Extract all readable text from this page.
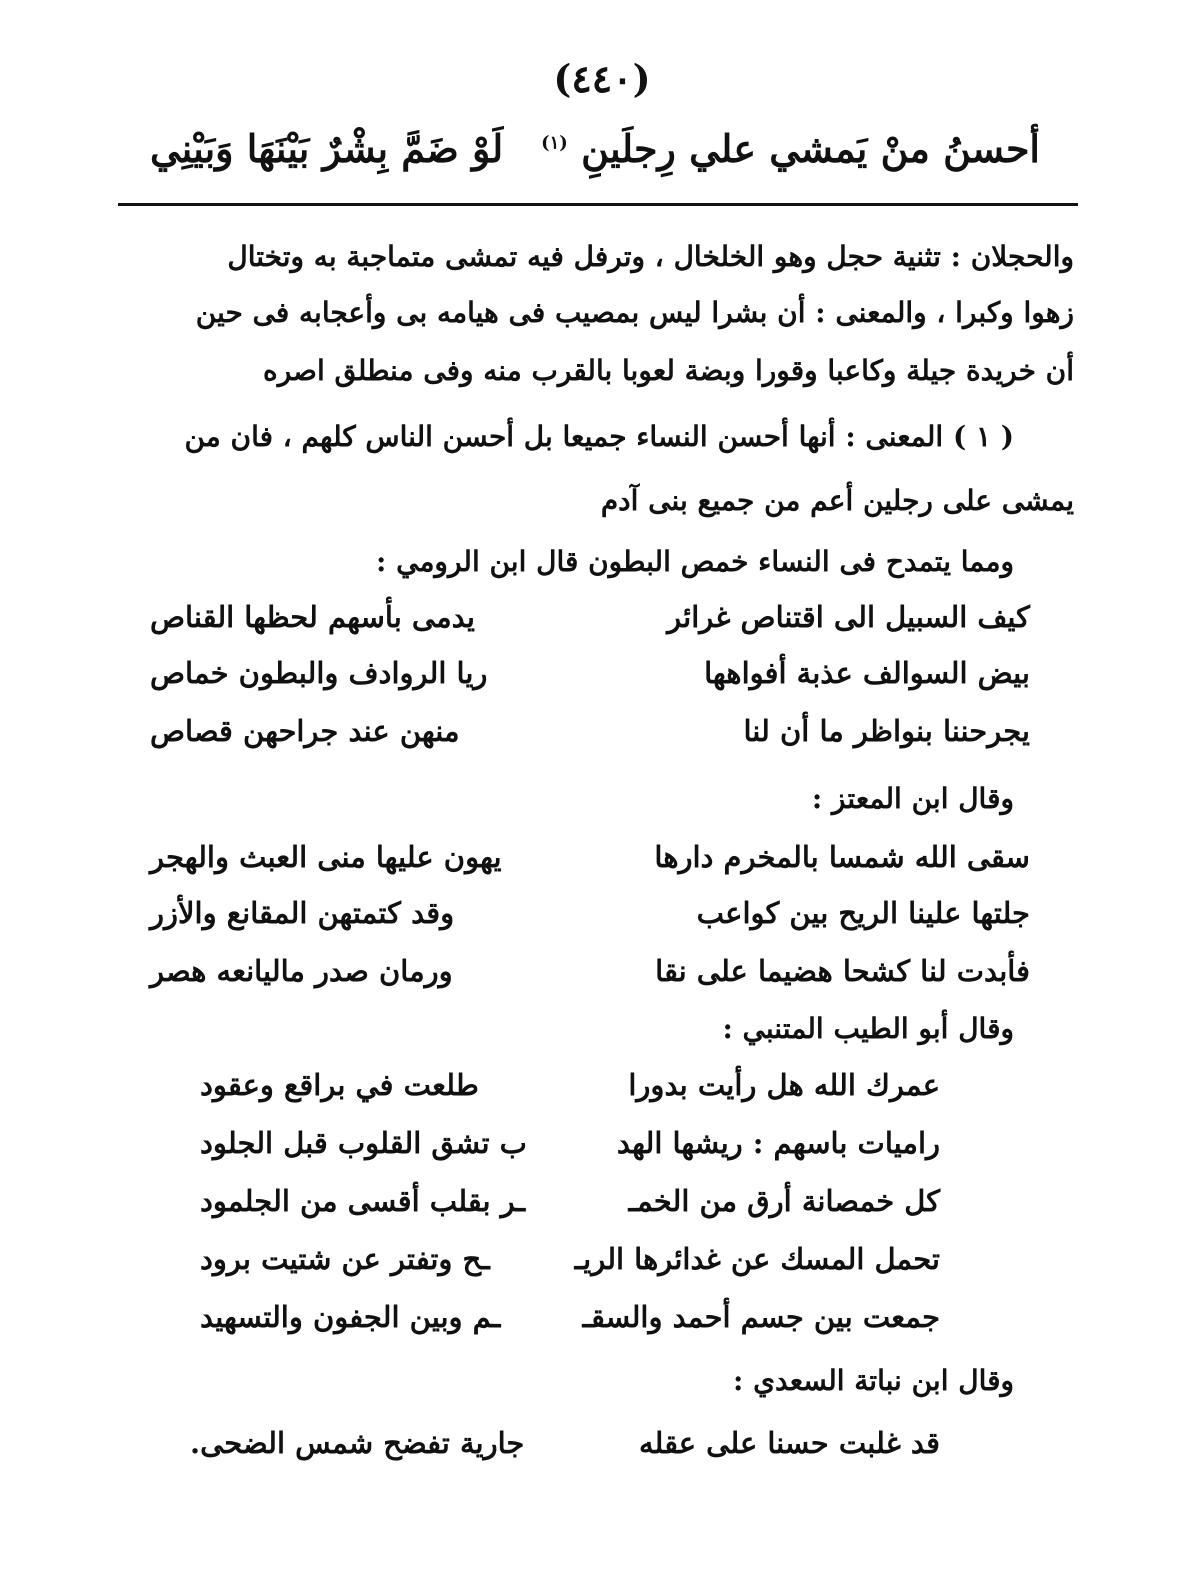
(٤٤٠)
أحسنُ منْ يَمشي علي رِجلَينِ $^{(١)}$
لَوْ ضَمَّ بِشْرٌ بَيْنَهَا وَبَيْنِي
والحجلان : تثنية حجل وهو الخلخال ، وترفل فيه تمشى متماجبة به وتختال
زهوا وكبرا ، والمعنى : أن بشرا ليس بمصيب فى هيامه بى وأعجابه فى حين
أن خريدة جيلة وكاعبا وقورا وبضة لعوبا بالقرب منه وفى منطلق اصره
( ١ ) المعنى : أنها أحسن النساء جميعا بل أحسن الناس كلهم ، فان من
يمشى على رجلين أعم من جميع بنى آدم
ومما يتمدح فى النساء خمص البطون قال ابن الرومي :
كيف السبيل الى اقتناص غرائر
يدمى بأسهم لحظها القناص
بيض السوالف عذبة أفواهها
ريا الروادف والبطون خماص
يجرحننا بنواظر ما أن لنا
منهن عند جراحهن قصاص
وقال ابن المعتز :
سقى الله شمسا بالمخرم دارها
يهون عليها منى العبث والهجر
جلتها علينا الريح بين كواعب
وقد كتمتهن المقانع والأزر
فأبدت لنا كشحا هضيما على نقا
ورمان صدر ماليانعه هصر
وقال أبو الطيب المتنبي :
عمرك الله هل رأيت بدورا
طلعت في براقع وعقود
راميات باسهم : ريشها الهد
ب تشق القلوب قبل الجلود
كل خمصانة أرق من الخمـ
ـر بقلب أقسى من الجلمود
تحمل المسك عن غدائرها الريـ
ـح وتفتر عن شتيت برود
جمعت بين جسم أحمد والسقـ
ـم وبين الجفون والتسهيد
وقال ابن نباتة السعدي :
قد غلبت حسنا على عقله
جارية تفضح شمس الضحى.
